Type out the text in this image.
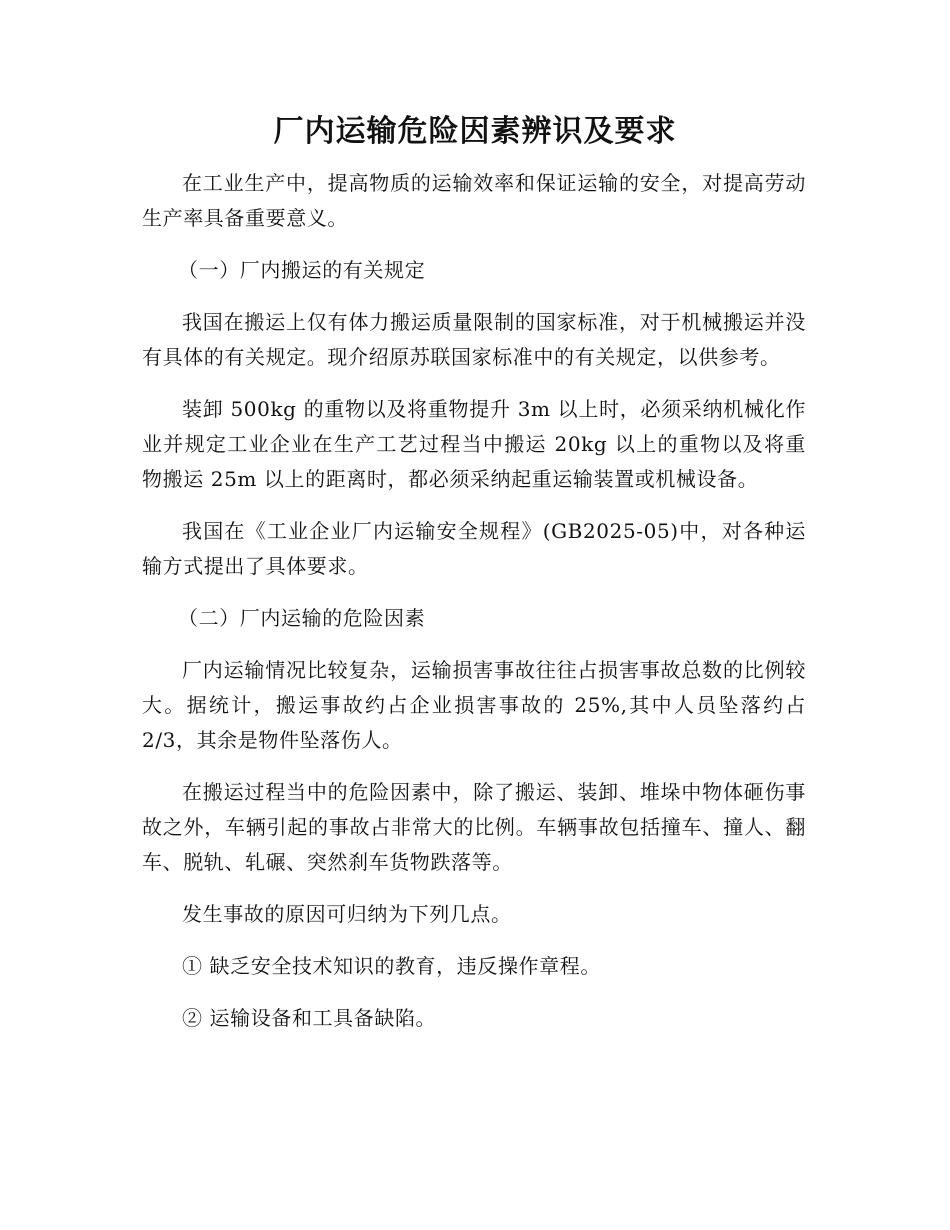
厂内运输危险因素辨识及要求

在工业生产中，提高物质的运输效率和保证运输的安全，对提高劳动生产率具备重要意义。

（一）厂内搬运的有关规定

我国在搬运上仅有体力搬运质量限制的国家标准，对于机械搬运并没有具体的有关规定。现介绍原苏联国家标准中的有关规定，以供参考。

装卸 500kg 的重物以及将重物提升 3m 以上时，必须采纳机械化作业并规定工业企业在生产工艺过程当中搬运 20kg 以上的重物以及将重物搬运 25m 以上的距离时，都必须采纳起重运输装置或机械设备。

我国在《工业企业厂内运输安全规程》(GB2025-05)中，对各种运输方式提出了具体要求。

（二）厂内运输的危险因素

厂内运输情况比较复杂，运输损害事故往往占损害事故总数的比例较大。据统计，搬运事故约占企业损害事故的 25%,其中人员坠落约占 2/3，其余是物件坠落伤人。

在搬运过程当中的危险因素中，除了搬运、装卸、堆垛中物体砸伤事故之外，车辆引起的事故占非常大的比例。车辆事故包括撞车、撞人、翻车、脱轨、轧碾、突然刹车货物跌落等。

发生事故的原因可归纳为下列几点。

① 缺乏安全技术知识的教育，违反操作章程。

② 运输设备和工具备缺陷。
